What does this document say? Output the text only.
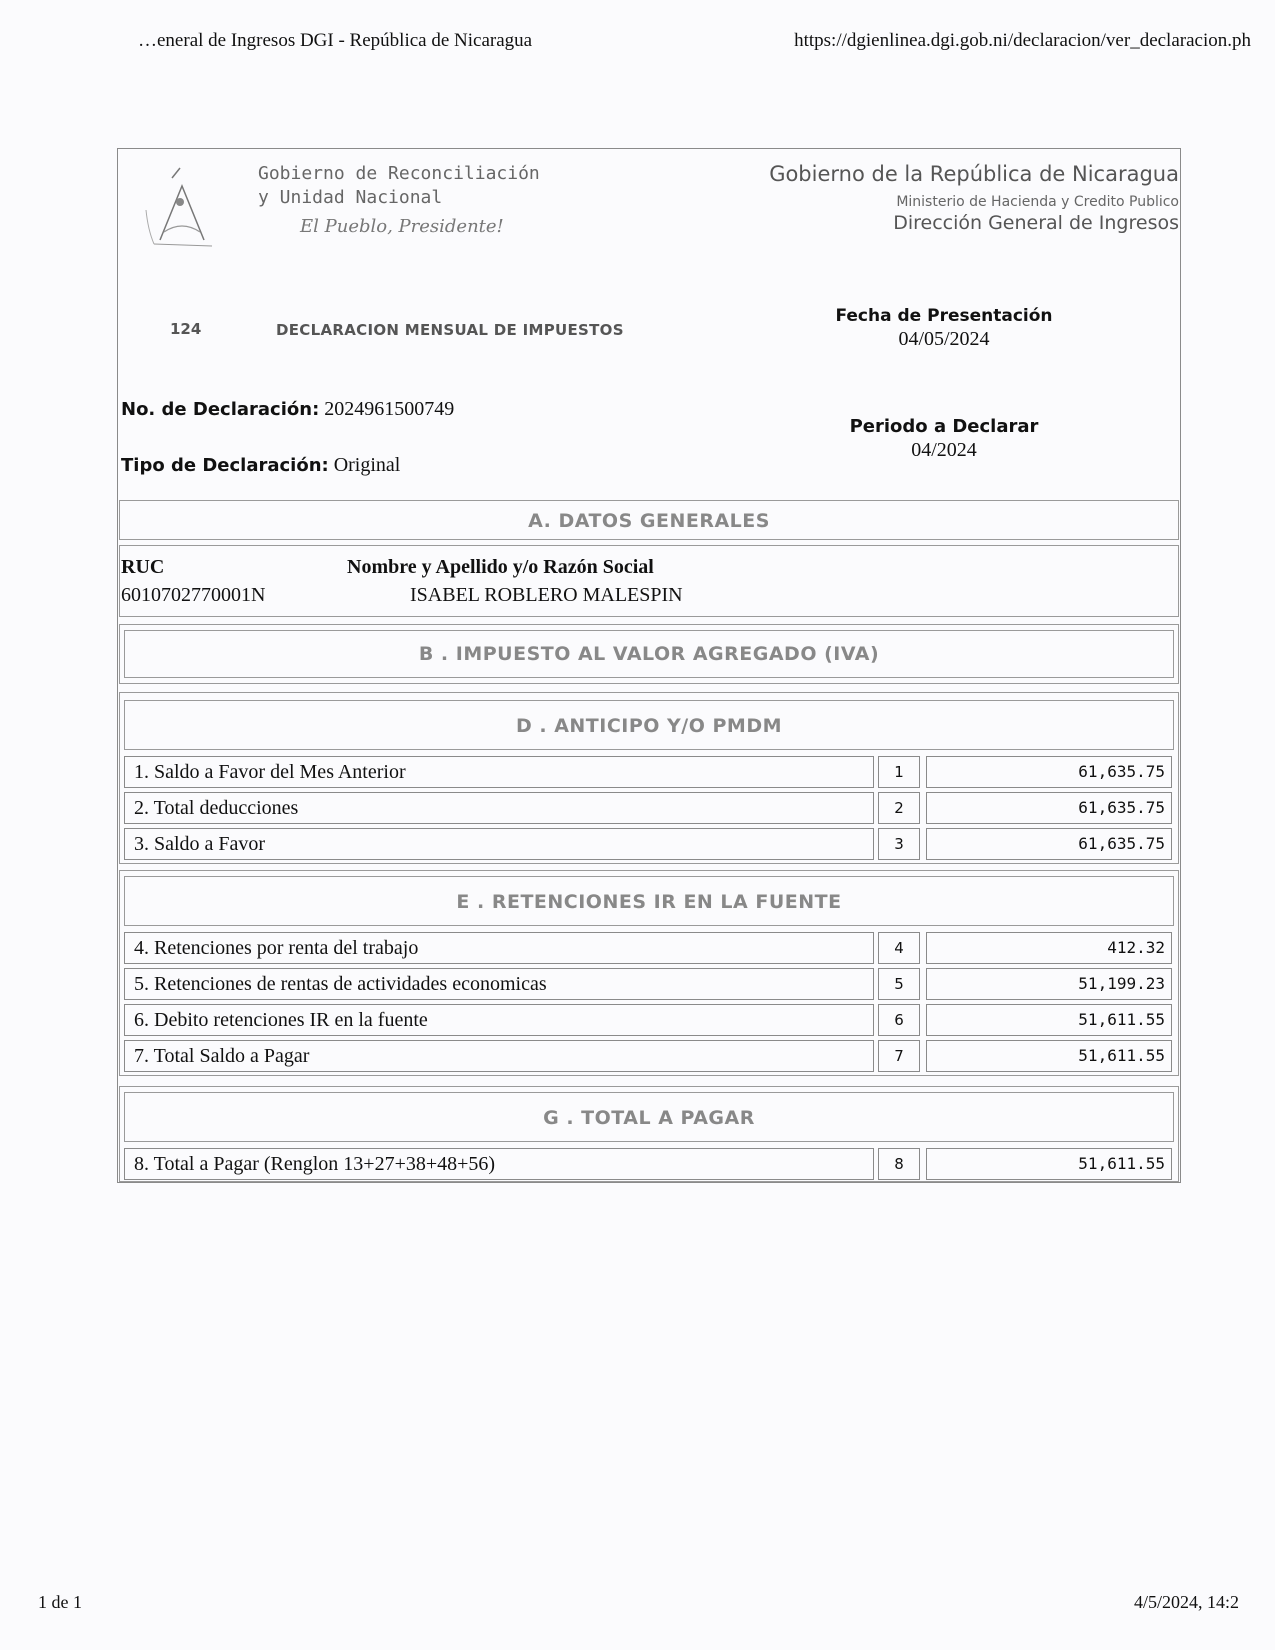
…eneral de Ingresos DGI - República de Nicaragua	https://dgienlinea.dgi.gob.ni/declaracion/ver_declaracion.ph
1 de 1	4/5/2024, 14:2
Gobierno de Reconciliación
y Unidad Nacional
El Pueblo, Presidente!
Gobierno de la República de Nicaragua
Ministerio de Hacienda y Credito Publico
Dirección General de Ingresos
124	DECLARACION MENSUAL DE IMPUESTOS
Fecha de Presentación
04/05/2024
Periodo a Declarar
04/2024
No. de Declaración: 2024961500749
Tipo de Declaración: Original
A. DATOS GENERALES
RUC
6010702770001N
Nombre y Apellido y/o Razón Social
ISABEL ROBLERO MALESPIN
B . IMPUESTO AL VALOR AGREGADO (IVA)
D . ANTICIPO Y/O PMDM
1. Saldo a Favor del Mes Anterior	1	61,635.75
2. Total deducciones	2	61,635.75
3. Saldo a Favor	3	61,635.75
E . RETENCIONES IR EN LA FUENTE
4. Retenciones por renta del trabajo	4	412.32
5. Retenciones de rentas de actividades economicas	5	51,199.23
6. Debito retenciones IR en la fuente	6	51,611.55
7. Total Saldo a Pagar	7	51,611.55
G . TOTAL A PAGAR
8. Total a Pagar (Renglon 13+27+38+48+56)	8	51,611.55
